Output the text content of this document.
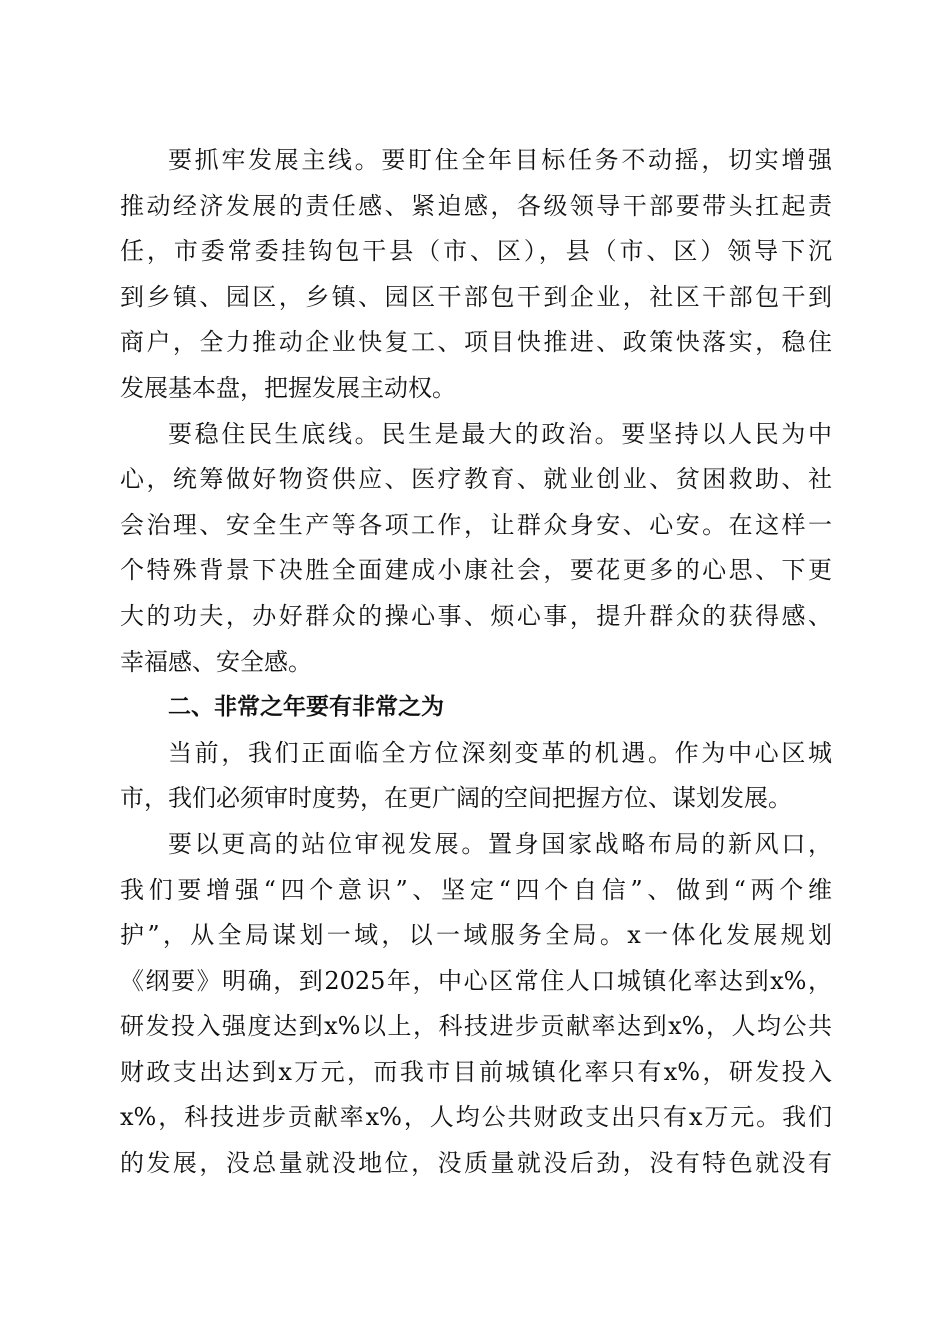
要抓牢发展主线。要盯住全年目标任务不动摇，切实增强
推动经济发展的责任感、紧迫感，各级领导干部要带头扛起责
任，市委常委挂钩包干县（市、区），县（市、区）领导下沉
到乡镇、园区，乡镇、园区干部包干到企业，社区干部包干到
商户，全力推动企业快复工、项目快推进、政策快落实，稳住
发展基本盘，把握发展主动权。
要稳住民生底线。民生是最大的政治。要坚持以人民为中
心，统筹做好物资供应、医疗教育、就业创业、贫困救助、社
会治理、安全生产等各项工作，让群众身安、心安。在这样一
个特殊背景下决胜全面建成小康社会，要花更多的心思、下更
大的功夫，办好群众的操心事、烦心事，提升群众的获得感、
幸福感、安全感。
二、非常之年要有非常之为
当前，我们正面临全方位深刻变革的机遇。作为中心区城
市，我们必须审时度势，在更广阔的空间把握方位、谋划发展。
要以更高的站位审视发展。置身国家战略布局的新风口，
我们要增强“四个意识”、坚定“四个自信”、做到“两个维
护”，从全局谋划一域，以一域服务全局。x一体化发展规划
《纲要》明确，到2025年，中心区常住人口城镇化率达到x%，
研发投入强度达到x%以上，科技进步贡献率达到x%，人均公共
财政支出达到x万元，而我市目前城镇化率只有x%，研发投入
x%，科技进步贡献率x%，人均公共财政支出只有x万元。我们
的发展，没总量就没地位，没质量就没后劲，没有特色就没有
